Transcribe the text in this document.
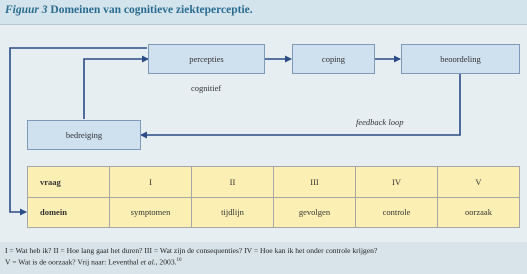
Figuur 3 Domeinen van cognitieve ziekteperceptie.
percepties	coping	beoordeling
bedreiging
cognitief
feedback loop
vraag	I	II	III	IV	V
domein	symptomen	tijdlijn	gevolgen	controle	oorzaak
I = Wat heb ik? II = Hoe lang gaat het duren? III = Wat zijn de consequenties? IV = Hoe kan ik het onder controle krijgen?
V = Wat is de oorzaak? Vrij naar: Leventhal et al., 2003.10
